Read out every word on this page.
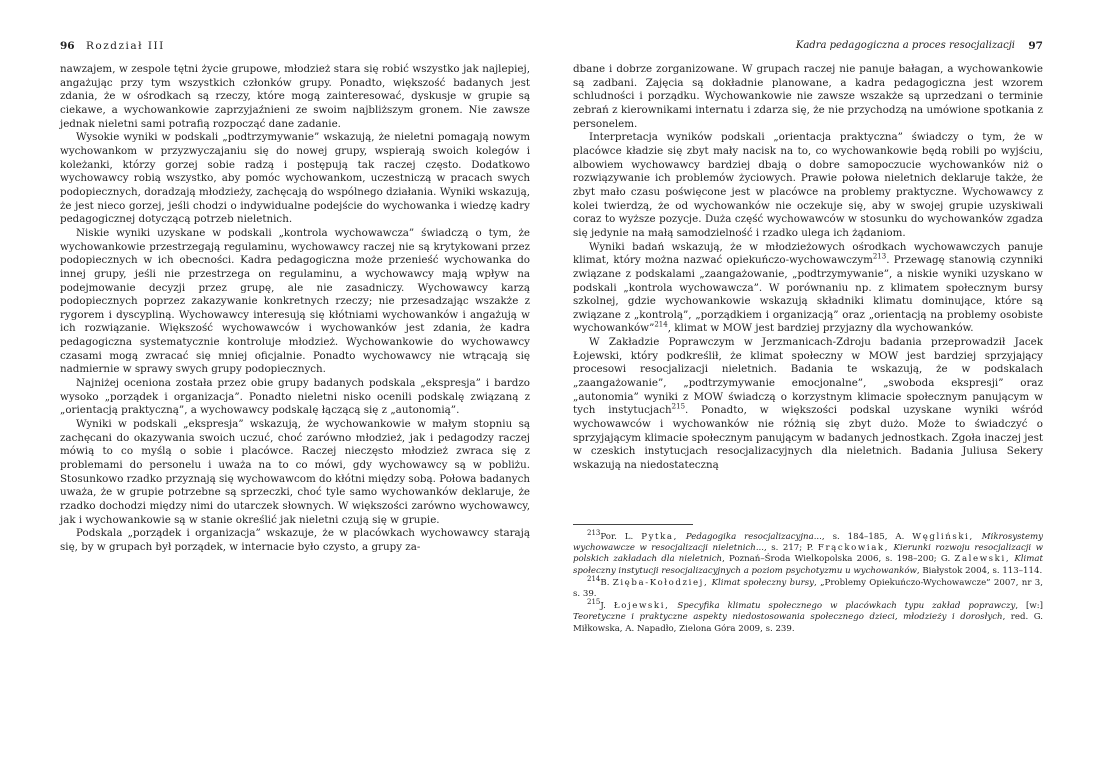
96 Rozdział III

nawzajem, w zespole tętni życie grupowe, młodzież stara się robić wszystko jak najlepiej, angażując przy tym wszystkich członków grupy. Ponadto, większość badanych jest zdania, że w ośrodkach są rzeczy, które mogą zainteresować, dyskusje w grupie są ciekawe, a wychowankowie zaprzyjaźnieni ze swoim najbliższym gronem. Nie zawsze jednak nieletni sami potrafią rozpocząć dane zadanie.

Wysokie wyniki w podskali „podtrzymywanie” wskazują, że nieletni pomagają nowym wychowankom w przyzwyczajaniu się do nowej grupy, wspierają swoich kolegów i koleżanki, którzy gorzej sobie radzą i postępują tak raczej często. Dodatkowo wychowawcy robią wszystko, aby pomóc wychowankom, uczestniczą w pracach swych podopiecznych, doradzają młodzieży, zachęcają do wspólnego działania. Wyniki wskazują, że jest nieco gorzej, jeśli chodzi o indywidualne podejście do wychowanka i wiedzę kadry pedagogicznej dotyczącą potrzeb nieletnich.

Niskie wyniki uzyskane w podskali „kontrola wychowawcza” świadczą o tym, że wychowankowie przestrzegają regulaminu, wychowawcy raczej nie są krytykowani przez podopiecznych w ich obecności. Kadra pedagogiczna może przenieść wychowanka do innej grupy, jeśli nie przestrzega on regulaminu, a wychowawcy mają wpływ na podejmowanie decyzji przez grupę, ale nie zasadniczy. Wychowawcy karzą podopiecznych poprzez zakazywanie konkretnych rzeczy; nie przesadzając wszakże z rygorem i dyscypliną. Wychowawcy interesują się kłótniami wychowanków i angażują w ich rozwiązanie. Większość wychowawców i wychowanków jest zdania, że kadra pedagogiczna systematycznie kontroluje młodzież. Wychowankowie do wychowawcy czasami mogą zwracać się mniej oficjalnie. Ponadto wychowawcy nie wtrącają się nadmiernie w sprawy swych grupy podopiecznych.

Najniżej oceniona została przez obie grupy badanych podskala „ekspresja” i bardzo wysoko „porządek i organizacja”. Ponadto nieletni nisko ocenili podskalę związaną z „orientacją praktyczną”, a wychowawcy podskalę łączącą się z „autonomią”.

Wyniki w podskali „ekspresja” wskazują, że wychowankowie w małym stopniu są zachęcani do okazywania swoich uczuć, choć zarówno młodzież, jak i pedagodzy raczej mówią to co myślą o sobie i placówce. Raczej nieczęsto młodzież zwraca się z problemami do personelu i uważa na to co mówi, gdy wychowawcy są w pobliżu. Stosunkowo rzadko przyznają się wychowawcom do kłótni między sobą. Połowa badanych uważa, że w grupie potrzebne są sprzeczki, choć tyle samo wychowanków deklaruje, że rzadko dochodzi między nimi do utarczek słownych. W większości zarówno wychowawcy, jak i wychowankowie są w stanie określić jak nieletni czują się w grupie.

Podskala „porządek i organizacja” wskazuje, że w placówkach wychowawcy starają się, by w grupach był porządek, w internacie było czysto, a grupy za-

Kadra pedagogiczna a proces resocjalizacji 97

dbane i dobrze zorganizowane. W grupach raczej nie panuje bałagan, a wychowankowie są zadbani. Zajęcia są dokładnie planowane, a kadra pedagogiczna jest wzorem schludności i porządku. Wychowankowie nie zawsze wszakże są uprzedzani o terminie zebrań z kierownikami internatu i zdarza się, że nie przychodzą na umówione spotkania z personelem.

Interpretacja wyników podskali „orientacja praktyczna” świadczy o tym, że w placówce kładzie się zbyt mały nacisk na to, co wychowankowie będą robili po wyjściu, albowiem wychowawcy bardziej dbają o dobre samopoczucie wychowanków niż o rozwiązywanie ich problemów życiowych. Prawie połowa nieletnich deklaruje także, że zbyt mało czasu poświęcone jest w placówce na problemy praktyczne. Wychowawcy z kolei twierdzą, że od wychowanków nie oczekuje się, aby w swojej grupie uzyskiwali coraz to wyższe pozycje. Duża część wychowawców w stosunku do wychowanków zgadza się jedynie na małą samodzielność i rzadko ulega ich żądaniom.

Wyniki badań wskazują, że w młodzieżowych ośrodkach wychowawczych panuje klimat, który można nazwać opiekuńczo-wychowawczym$^{213}$. Przewagę stanowią czynniki związane z podskalami „zaangażowanie, „podtrzymywanie”, a niskie wyniki uzyskano w podskali „kontrola wychowawcza”. W porównaniu np. z klimatem społecznym bursy szkolnej, gdzie wychowankowie wskazują składniki klimatu dominujące, które są związane z „kontrolą”, „porządkiem i organizacją” oraz „orientacją na problemy osobiste wychowanków”$^{214}$, klimat w MOW jest bardziej przyjazny dla wychowanków.

W Zakładzie Poprawczym w Jerzmanicach-Zdroju badania przeprowadził Jacek Łojewski, który podkreślił, że klimat społeczny w MOW jest bardziej sprzyjający procesowi resocjalizacji nieletnich. Badania te wskazują, że w podskalach „zaangażowanie”, „podtrzymywanie emocjonalne”, „swoboda ekspresji” oraz „autonomia” wyniki z MOW świadczą o korzystnym klimacie społecznym panującym w tych instytucjach$^{215}$. Ponadto, w większości podskal uzyskane wyniki wśród wychowawców i wychowanków nie różnią się zbyt dużo. Może to świadczyć o sprzyjającym klimacie społecznym panującym w badanych jednostkach. Zgoła inaczej jest w czeskich instytucjach resocjalizacyjnych dla nieletnich. Badania Juliusa Sekery wskazują na niedostateczną

$^{213}$Por. L. Pytka, Pedagogika resocjalizacyjna..., s. 184–185, A. Węgliński, Mikrosystemy wychowawcze w resocjalizacji nieletnich..., s. 217; P. Frąckowiak, Kierunki rozwoju resocjalizacji w polskich zakładach dla nieletnich, Poznań–Środa Wielkopolska 2006, s. 198–200; G. Zalewski, Klimat społeczny instytucji resocjalizacyjnych a poziom psychotyzmu u wychowanków, Białystok 2004, s. 113–114.

$^{214}$B. Zięba-Kołodziej, Klimat społeczny bursy, „Problemy Opiekuńczo-Wychowawcze” 2007, nr 3, s. 39.

$^{215}$J. Łojewski, Specyfika klimatu społecznego w placówkach typu zakład poprawczy, [w:] Teoretyczne i praktyczne aspekty niedostosowania społecznego dzieci, młodzieży i dorosłych, red. G. Miłkowska, A. Napadło, Zielona Góra 2009, s. 239.
